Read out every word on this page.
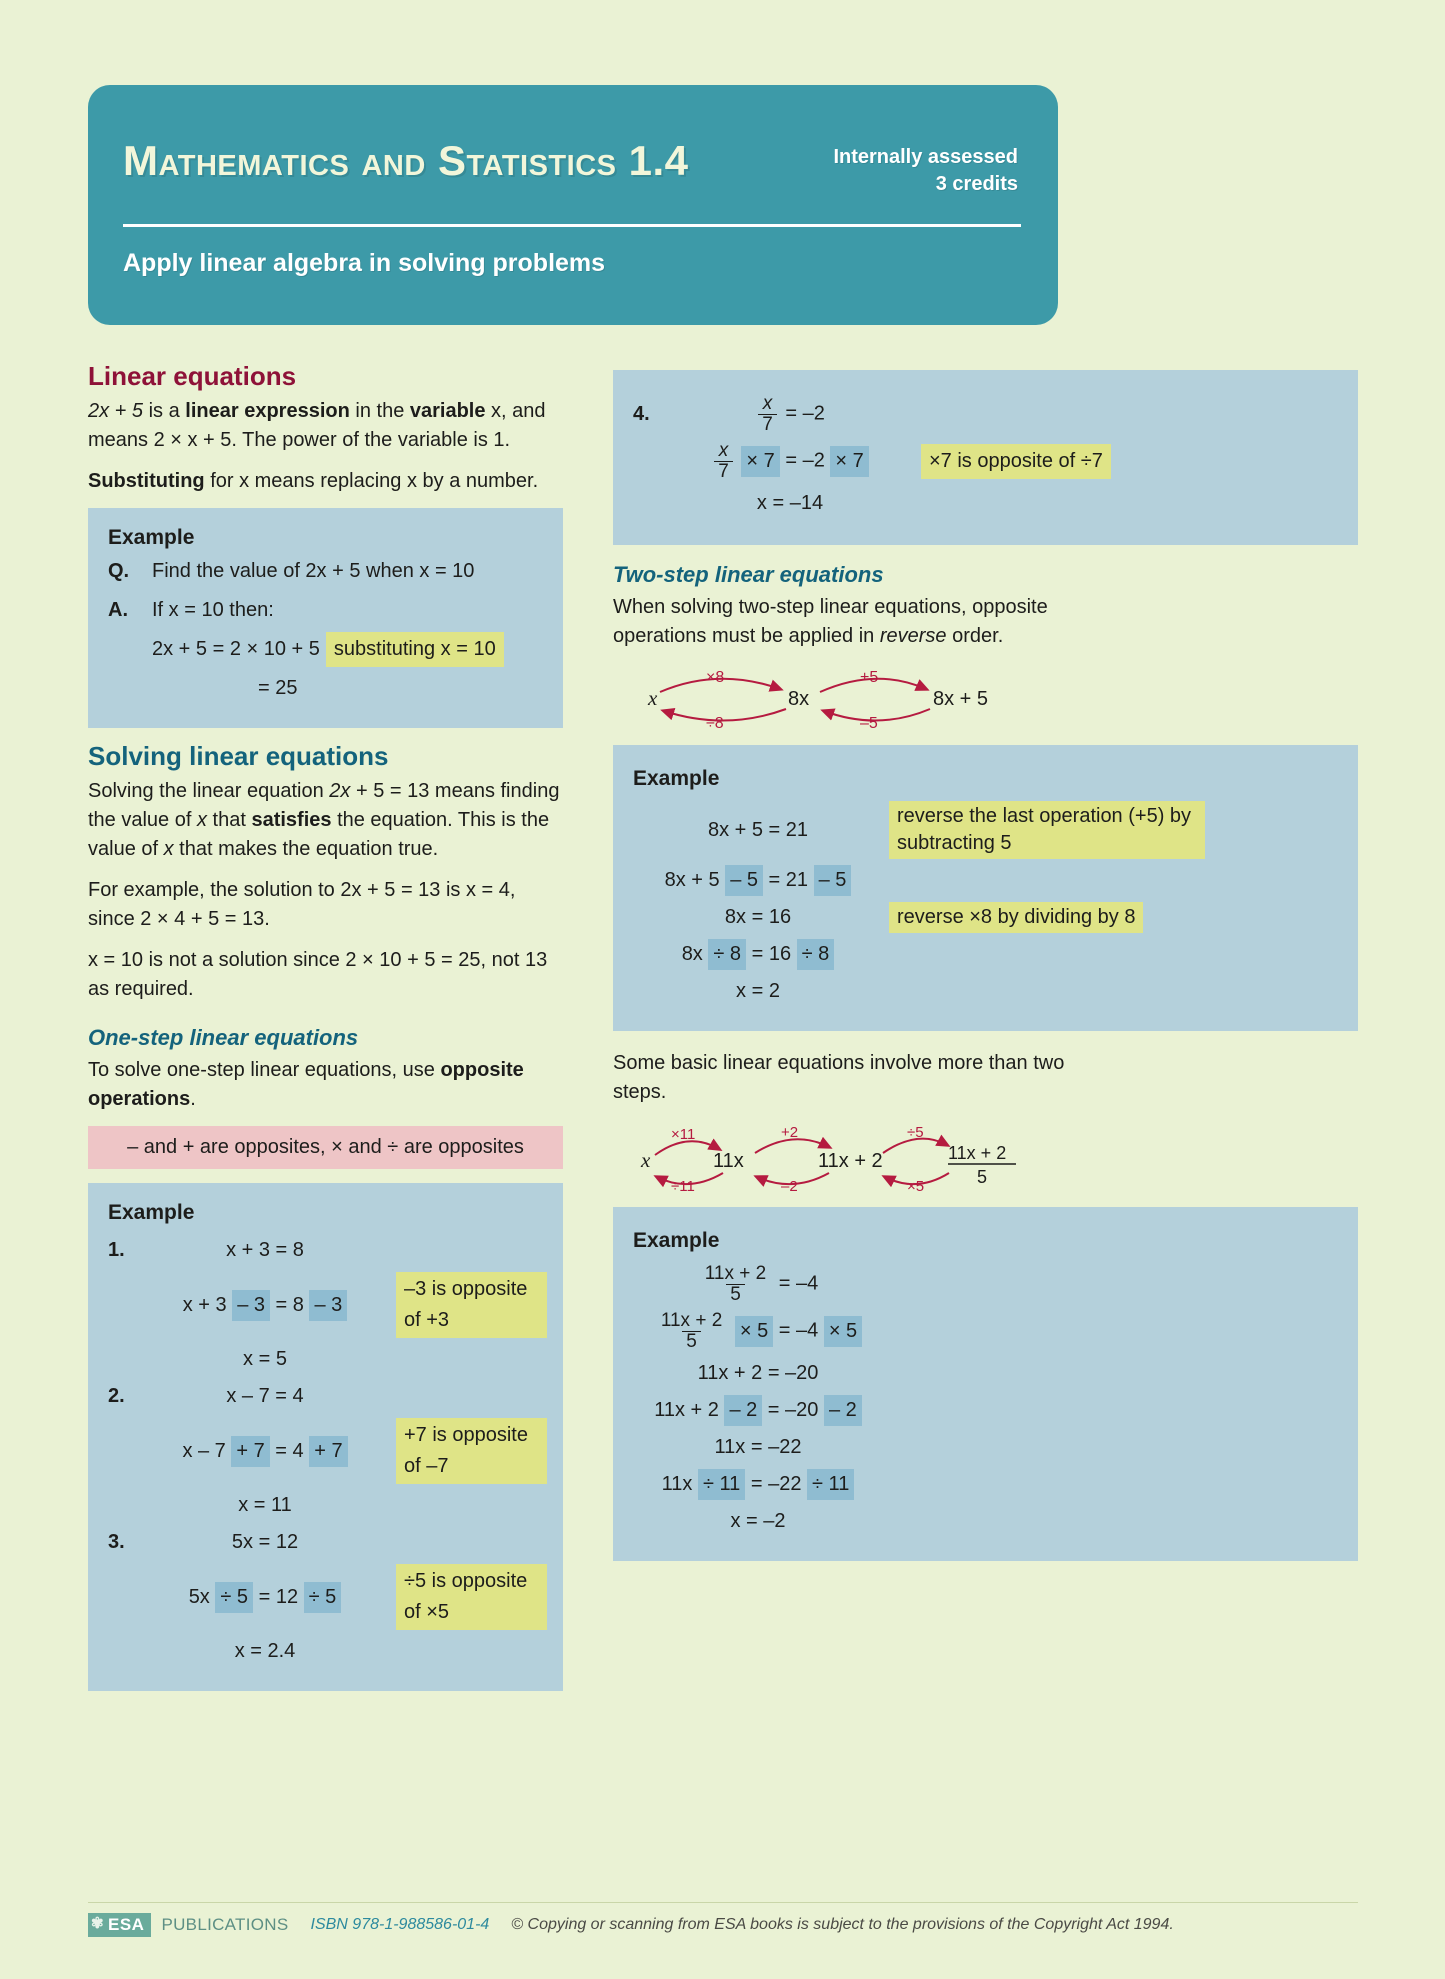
Mathematics and Statistics 1.4	Internally assessed
3 credits
Apply linear algebra in solving problems
Linear equations

2x + 5 is a linear expression in the variable x, and means 2 × x + 5. The power of the variable is 1.

Substituting for x means replacing x by a number.

Example
Q.	Find the value of 2x + 5 when x = 10
A.	If x = 10 then:
2x + 5 = 2 × 10 + 5 substituting x = 10
= 25
Solving linear equations

Solving the linear equation 2x + 5 = 13 means finding the value of x that satisfies the equation. This is the value of x that makes the equation true.

For example, the solution to 2x + 5 = 13 is x = 4, since 2 × 4 + 5 = 13.

x = 10 is not a solution since 2 × 10 + 5 = 25, not 13 as required.

One-step linear equations

To solve one-step linear equations, use opposite operations.

– and + are opposites, × and ÷ are opposites
Example
1.	x + 3 = 8
x + 3 – 3 = 8 – 3
–3 is opposite of +3
x = 5
2.	x – 7 = 4
x – 7 + 7 = 4 + 7
+7 is opposite of –7
x = 11
3.	5x = 12
5x ÷ 5 = 12 ÷ 5
÷5 is opposite of ×5
x = 2.4
4.	$\frac{x}{7} = -2$
$\frac{x}{7} \times 7 = -2 \times 7$	×7 is opposite of ÷7
x = –14
Two-step linear equations

When solving two-step linear equations, opposite operations must be applied in reverse order.

x	8x	8x + 5
×8
÷8
+5
–5
Example
8x + 5 = 21
reverse the last operation (+5) by subtracting 5
8x + 5 – 5 = 21 – 5
8x = 16	reverse ×8 by dividing by 8
8x ÷ 8 = 16 ÷ 8
x = 2

Some basic linear equations involve more than two steps.

x	11x	11x + 2	11x + 2
5
×11
÷11
+2
–2
÷5
×5
Example
$\frac{11x + 2}{5} = -4$
$\frac{11x + 2}{5} \times 5 = -4 \times 5$
11x + 2 = –20
11x + 2 – 2 = –20 – 2
11x = –22
11x ÷ 11 = –22 ÷ 11
x = –2
✾ ESA	PUBLICATIONS ISBN 978-1-988586-01-4 © Copying or scanning from ESA books is subject to the provisions of the Copyright Act 1994.
